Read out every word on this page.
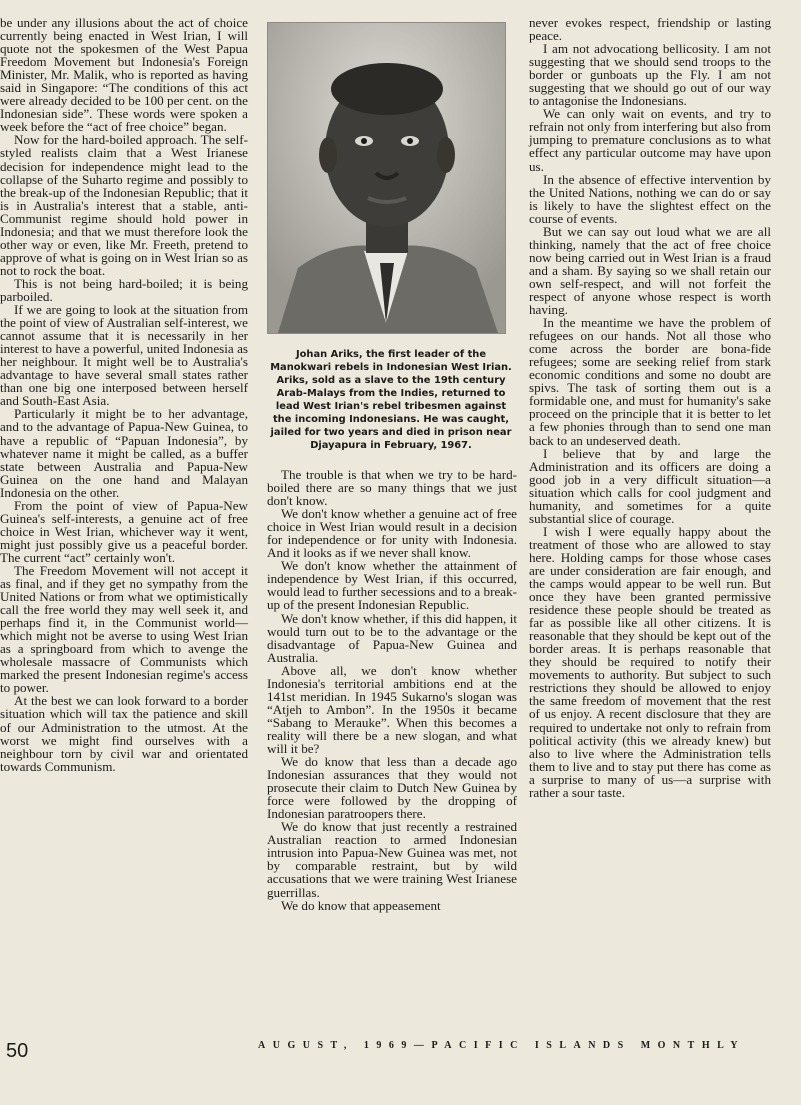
be under any illusions about the act of choice currently being enacted in West Irian, I will quote not the spokesmen of the West Papua Freedom Movement but Indonesia's Foreign Minister, Mr. Malik, who is reported as having said in Singapore: “The conditions of this act were already decided to be 100 per cent. on the Indonesian side”. These words were spoken a week before the “act of free choice” began.

Now for the hard-boiled approach. The self-styled realists claim that a West Irianese decision for independence might lead to the collapse of the Suharto regime and possibly to the break-up of the Indonesian Republic; that it is in Australia's interest that a stable, anti-Communist regime should hold power in Indonesia; and that we must therefore look the other way or even, like Mr. Freeth, pretend to approve of what is going on in West Irian so as not to rock the boat.

This is not being hard-boiled; it is being parboiled.

If we are going to look at the situation from the point of view of Australian self-interest, we cannot assume that it is necessarily in her interest to have a powerful, united Indonesia as her neighbour. It might well be to Australia's advantage to have several small states rather than one big one interposed between herself and South-East Asia.

Particularly it might be to her advantage, and to the advantage of Papua-New Guinea, to have a republic of “Papuan Indonesia”, by whatever name it might be called, as a buffer state between Australia and Papua-New Guinea on the one hand and Malayan Indonesia on the other.

From the point of view of Papua-New Guinea's self-interests, a genuine act of free choice in West Irian, whichever way it went, might just possibly give us a peaceful border. The current “act” certainly won't.

The Freedom Movement will not accept it as final, and if they get no sympathy from the United Nations or from what we optimistically call the free world they may well seek it, and perhaps find it, in the Communist world—which might not be averse to using West Irian as a springboard from which to avenge the wholesale massacre of Communists which marked the present Indonesian regime's access to power.

At the best we can look forward to a border situation which will tax the patience and skill of our Administration to the utmost. At the worst we might find ourselves with a neighbour torn by civil war and orientated towards Communism.

Johan Ariks, the first leader of the Manokwari rebels in Indonesian West Irian. Ariks, sold as a slave to the 19th century Arab-Malays from the Indies, returned to lead West Irian's rebel tribesmen against the incoming Indonesians. He was caught, jailed for two years and died in prison near Djayapura in February, 1967.

The trouble is that when we try to be hard-boiled there are so many things that we just don't know.

We don't know whether a genuine act of free choice in West Irian would result in a decision for independence or for unity with Indonesia. And it looks as if we never shall know.

We don't know whether the attainment of independence by West Irian, if this occurred, would lead to further secessions and to a break-up of the present Indonesian Republic.

We don't know whether, if this did happen, it would turn out to be to the advantage or the disadvantage of Papua-New Guinea and Australia.

Above all, we don't know whether Indonesia's territorial ambitions end at the 141st meridian. In 1945 Sukarno's slogan was “Atjeh to Ambon”. In the 1950s it became “Sabang to Merauke”. When this becomes a reality will there be a new slogan, and what will it be?

We do know that less than a decade ago Indonesian assurances that they would not prosecute their claim to Dutch New Guinea by force were followed by the dropping of Indonesian paratroopers there.

We do know that just recently a restrained Australian reaction to armed Indonesian intrusion into Papua-New Guinea was met, not by comparable restraint, but by wild accusations that we were training West Irianese guerrillas.

We do know that appeasement

never evokes respect, friendship or lasting peace.

I am not advocationg bellicosity. I am not suggesting that we should send troops to the border or gunboats up the Fly. I am not suggesting that we should go out of our way to antagonise the Indonesians.

We can only wait on events, and try to refrain not only from interfering but also from jumping to premature conclusions as to what effect any particular outcome may have upon us.

In the absence of effective intervention by the United Nations, nothing we can do or say is likely to have the slightest effect on the course of events.

But we can say out loud what we are all thinking, namely that the act of free choice now being carried out in West Irian is a fraud and a sham. By saying so we shall retain our own self-respect, and will not forfeit the respect of anyone whose respect is worth having.

In the meantime we have the problem of refugees on our hands. Not all those who come across the border are bona-fide refugees; some are seeking relief from stark economic conditions and some no doubt are spivs. The task of sorting them out is a formidable one, and must for humanity's sake proceed on the principle that it is better to let a few phonies through than to send one man back to an undeserved death.

I believe that by and large the Administration and its officers are doing a good job in a very difficult situation—a situation which calls for cool judgment and humanity, and sometimes for a quite substantial slice of courage.

I wish I were equally happy about the treatment of those who are allowed to stay here. Holding camps for those whose cases are under consideration are fair enough, and the camps would appear to be well run. But once they have been granted permissive residence these people should be treated as far as possible like all other citizens. It is reasonable that they should be kept out of the border areas. It is perhaps reasonable that they should be required to notify their movements to authority. But subject to such restrictions they should be allowed to enjoy the same freedom of movement that the rest of us enjoy. A recent disclosure that they are required to undertake not only to refrain from political activity (this we already knew) but also to live where the Administration tells them to live and to stay put there has come as a surprise to many of us—a surprise with rather a sour taste.

50	AUGUST, 1969—PACIFIC ISLANDS MONTHLY
